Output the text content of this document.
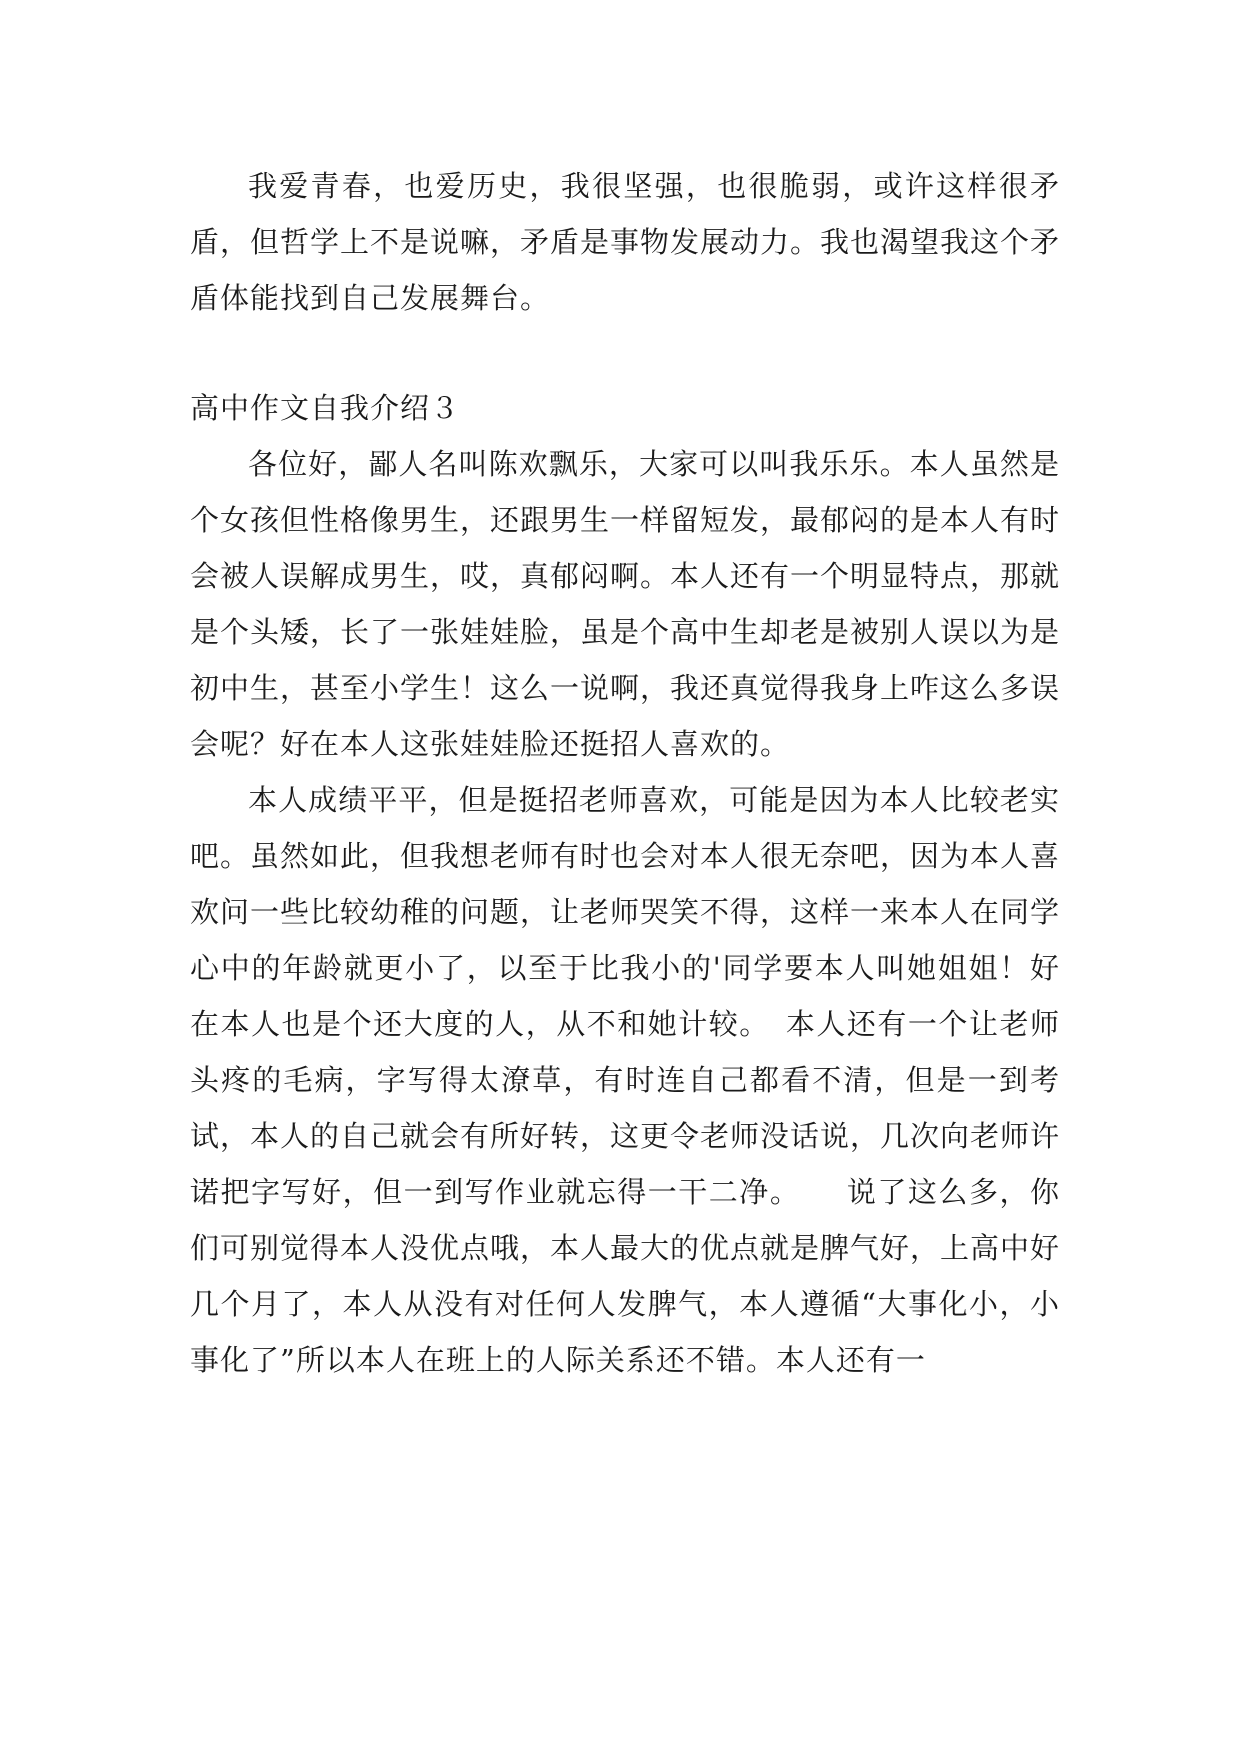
我爱青春，也爱历史，我很坚强，也很脆弱，或许这样很矛盾，但哲学上不是说嘛，矛盾是事物发展动力。我也渴望我这个矛盾体能找到自己发展舞台。

高中作文自我介绍３

各位好，鄙人名叫陈欢飘乐，大家可以叫我乐乐。本人虽然是个女孩但性格像男生，还跟男生一样留短发，最郁闷的是本人有时会被人误解成男生，哎，真郁闷啊。本人还有一个明显特点，那就是个头矮，长了一张娃娃脸，虽是个高中生却老是被别人误以为是初中生，甚至小学生！这么一说啊，我还真觉得我身上咋这么多误会呢？好在本人这张娃娃脸还挺招人喜欢的。

本人成绩平平，但是挺招老师喜欢，可能是因为本人比较老实吧。虽然如此，但我想老师有时也会对本人很无奈吧，因为本人喜欢问一些比较幼稚的问题，让老师哭笑不得，这样一来本人在同学心中的年龄就更小了，以至于比我小的'同学要本人叫她姐姐！好在本人也是个还大度的人，从不和她计较。　本人还有一个让老师头疼的毛病，字写得太潦草，有时连自己都看不清，但是一到考试，本人的自己就会有所好转，这更令老师没话说，几次向老师许诺把字写好，但一到写作业就忘得一干二净。　　说了这么多，你们可别觉得本人没优点哦，本人最大的优点就是脾气好，上高中好几个月了，本人从没有对任何人发脾气，本人遵循“大事化小，小事化了”所以本人在班上的人际关系还不错。本人还有一
